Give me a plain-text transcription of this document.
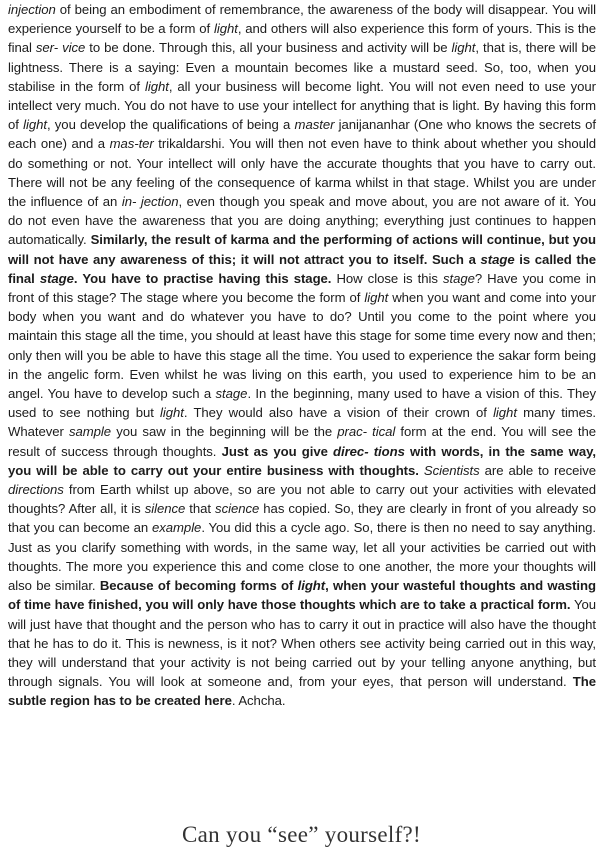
injection of being an embodiment of remembrance, the awareness of the body will disappear. You will experience yourself to be a form of light, and others will also experience this form of yours. This is the final ser- vice to be done. Through this, all your business and activity will be light, that is, there will be lightness. There is a saying: Even a mountain becomes like a mustard seed. So, too, when you stabilise in the form of light, all your business will become light. You will not even need to use your intellect very much. You do not have to use your intellect for anything that is light. By having this form of light, you develop the qualifications of being a master janijananhar (One who knows the secrets of each one) and a mas-ter trikaldarshi. You will then not even have to think about whether you should do something or not. Your intellect will only have the accurate thoughts that you have to carry out. There will not be any feeling of the consequence of karma whilst in that stage. Whilst you are under the influence of an in- jection, even though you speak and move about, you are not aware of it. You do not even have the awareness that you are doing anything; everything just continues to happen automatically. Similarly, the result of karma and the performing of actions will continue, but you will not have any awareness of this; it will not attract you to itself. Such a stage is called the final stage. You have to practise having this stage. How close is this stage? Have you come in front of this stage? The stage where you become the form of light when you want and come into your body when you want and do whatever you have to do? Until you come to the point where you maintain this stage all the time, you should at least have this stage for some time every now and then; only then will you be able to have this stage all the time. You used to experience the sakar form being in the angelic form. Even whilst he was living on this earth, you used to experience him to be an angel. You have to develop such a stage. In the beginning, many used to have a vision of this. They used to see nothing but light. They would also have a vision of their crown of light many times. Whatever sample you saw in the beginning will be the prac- tical form at the end. You will see the result of success through thoughts. Just as you give direc- tions with words, in the same way, you will be able to carry out your entire business with thoughts. Scientists are able to receive directions from Earth whilst up above, so are you not able to carry out your activities with elevated thoughts? After all, it is silence that science has copied. So, they are clearly in front of you already so that you can become an example. You did this a cycle ago. So, there is then no need to say anything. Just as you clarify something with words, in the same way, let all your activities be carried out with thoughts. The more you experience this and come close to one another, the more your thoughts will also be similar. Because of becoming forms of light, when your wasteful thoughts and wasting of time have finished, you will only have those thoughts which are to take a practical form. You will just have that thought and the person who has to carry it out in practice will also have the thought that he has to do it. This is newness, is it not? When others see activity being carried out in this way, they will understand that your activity is not being carried out by your telling anyone anything, but through signals. You will look at someone and, from your eyes, that person will understand. The subtle region has to be created here. Achcha.

Can you “see” yourself?!
